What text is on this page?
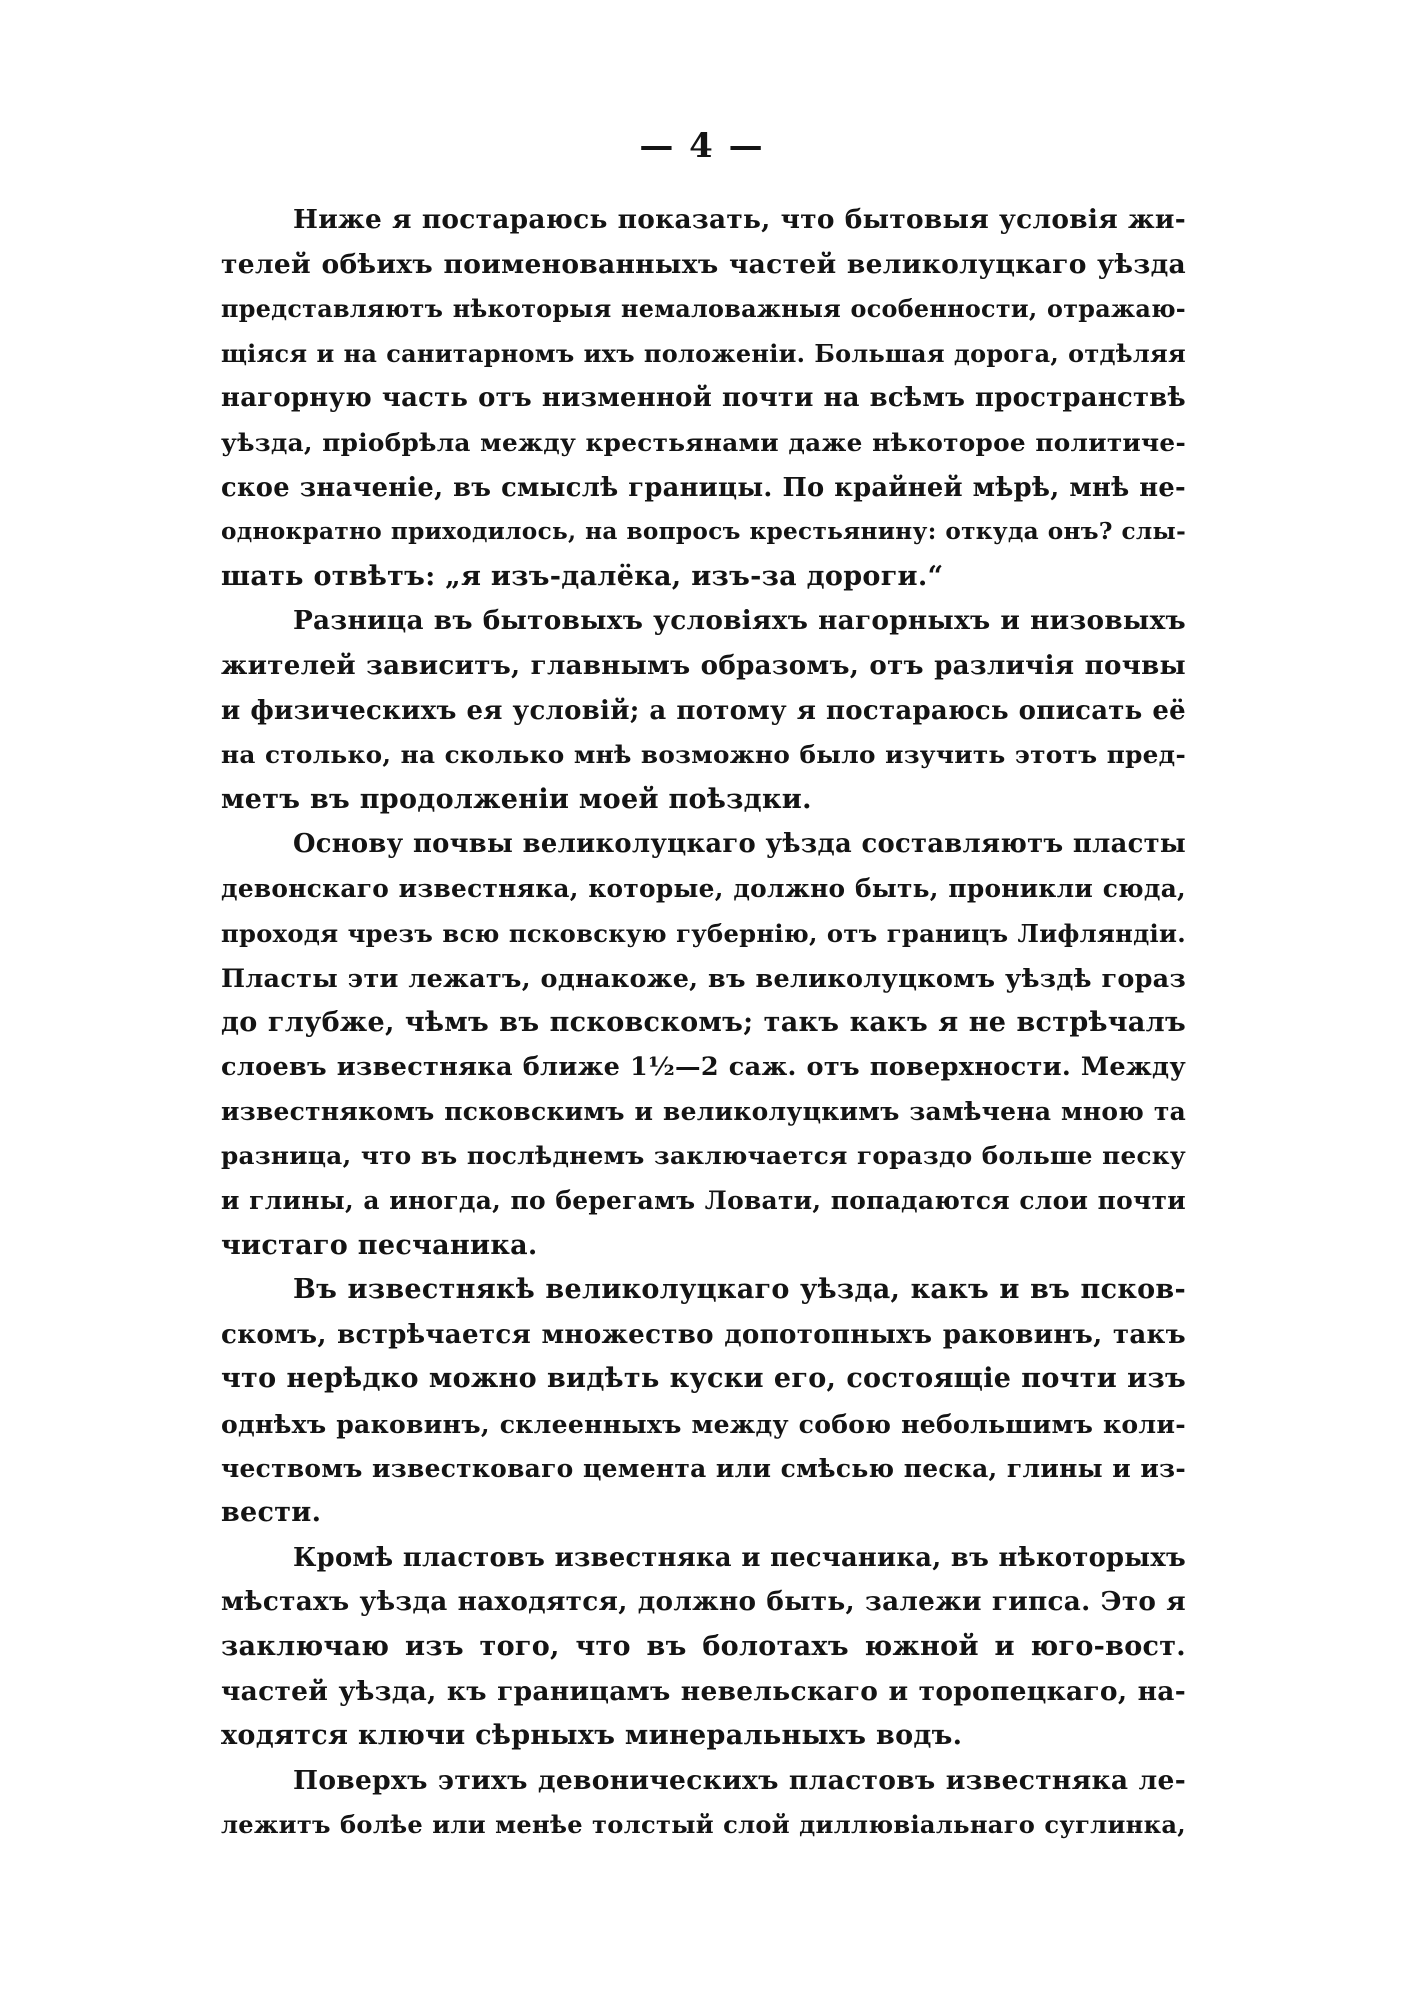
— 4 —
Ниже я постараюсь показать, что бытовыя условія жи-
телей обѣихъ поименованныхъ частей великолуцкаго уѣзда
представляютъ нѣкоторыя немаловажныя особенности, отражаю-
щіяся и на санитарномъ ихъ положеніи. Большая дорога, отдѣляя
нагорную часть отъ низменной почти на всѣмъ пространствѣ
уѣзда, пріобрѣла между крестьянами даже нѣкоторое политиче-
ское значеніе, въ смыслѣ границы. По крайней мѣрѣ, мнѣ не-
однократно приходилось, на вопросъ крестьянину: откуда онъ? слы-
шать отвѣтъ: „я изъ-далёка, изъ-за дороги.“
Разница въ бытовыхъ условіяхъ нагорныхъ и низовыхъ
жителей зависитъ, главнымъ образомъ, отъ различія почвы
и физическихъ ея условій; а потому я постараюсь описать её
на столько, на сколько мнѣ возможно было изучить этотъ пред-
метъ въ продолженіи моей поѣздки.
Основу почвы великолуцкаго уѣзда составляютъ пласты
девонскаго известняка, которые, должно быть, проникли сюда,
проходя чрезъ всю псковскую губернію, отъ границъ Лифляндіи.
Пласты эти лежатъ, однакоже, въ великолуцкомъ уѣздѣ гораз
до глубже, чѣмъ въ псковскомъ; такъ какъ я не встрѣчалъ
слоевъ известняка ближе 1½—2 саж. отъ поверхности. Между
известнякомъ псковскимъ и великолуцкимъ замѣчена мною та
разница, что въ послѣднемъ заключается гораздо больше песку
и глины, а иногда, по берегамъ Ловати, попадаются слои почти
чистаго песчаника.
Въ известнякѣ великолуцкаго уѣзда, какъ и въ псков-
скомъ, встрѣчается множество допотопныхъ раковинъ, такъ
что нерѣдко можно видѣть куски его, состоящіе почти изъ
однѣхъ раковинъ, склеенныхъ между собою небольшимъ коли-
чествомъ известковаго цемента или смѣсью песка, глины и из-
вести.
Кромѣ пластовъ известняка и песчаника, въ нѣкоторыхъ
мѣстахъ уѣзда находятся, должно быть, залежи гипса. Это я
заключаю изъ того, что въ болотахъ южной и юго-вост.
частей уѣзда, къ границамъ невельскаго и торопецкаго, на-
ходятся ключи сѣрныхъ минеральныхъ водъ.
Поверхъ этихъ девоническихъ пластовъ известняка ле-
лежитъ болѣе или менѣе толстый слой диллювіальнаго суглинка,
